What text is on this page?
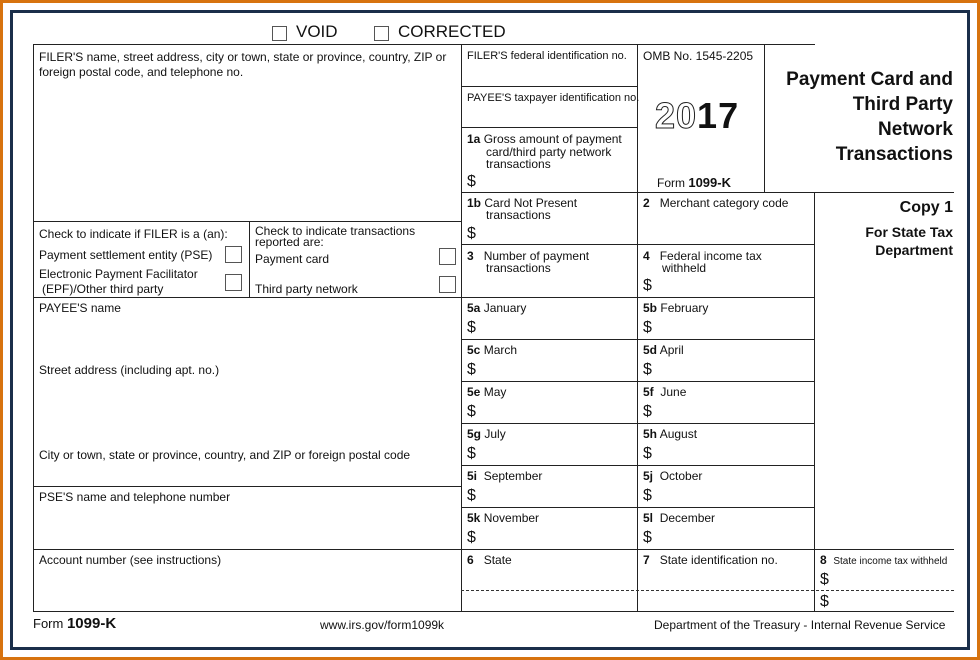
VOID	CORRECTED
FILER'S name, street address, city or town, state or province, country, ZIP or foreign postal code, and telephone no.
Check to indicate if FILER is a (an):
Payment settlement entity (PSE)
Electronic Payment Facilitator
(EPF)/Other third party
Check to indicate transactions
reported are:
Payment card
Third party network
PAYEE'S name
Street address (including apt. no.)
City or town, state or province, country, and ZIP or foreign postal code
PSE'S name and telephone number
Account number (see instructions)
FILER'S federal identification no.
PAYEE'S taxpayer identification no.
1a Gross amount of payment
card/third party network
transactions
$
OMB No. 1545-2205
2017
Form 1099-K
Payment Card and
Third Party
Network
Transactions
Copy 1
For State Tax
Department
1b Card Not Present
transactions
$
2 Merchant category code
3 Number of payment
transactions
4 Federal income tax
withheld
$
5a January
$
5b February
$
5c March
$
5d April
$
5e May
$
5f June
$
5g July
$
5h August
$
5i September
$
5j October
$
5k November
$
5l December
$
6 State	7 State identification no.	8 State income tax withheld
$
$
Form 1099-K	www.irs.gov/form1099k	Department of the Treasury - Internal Revenue Service
